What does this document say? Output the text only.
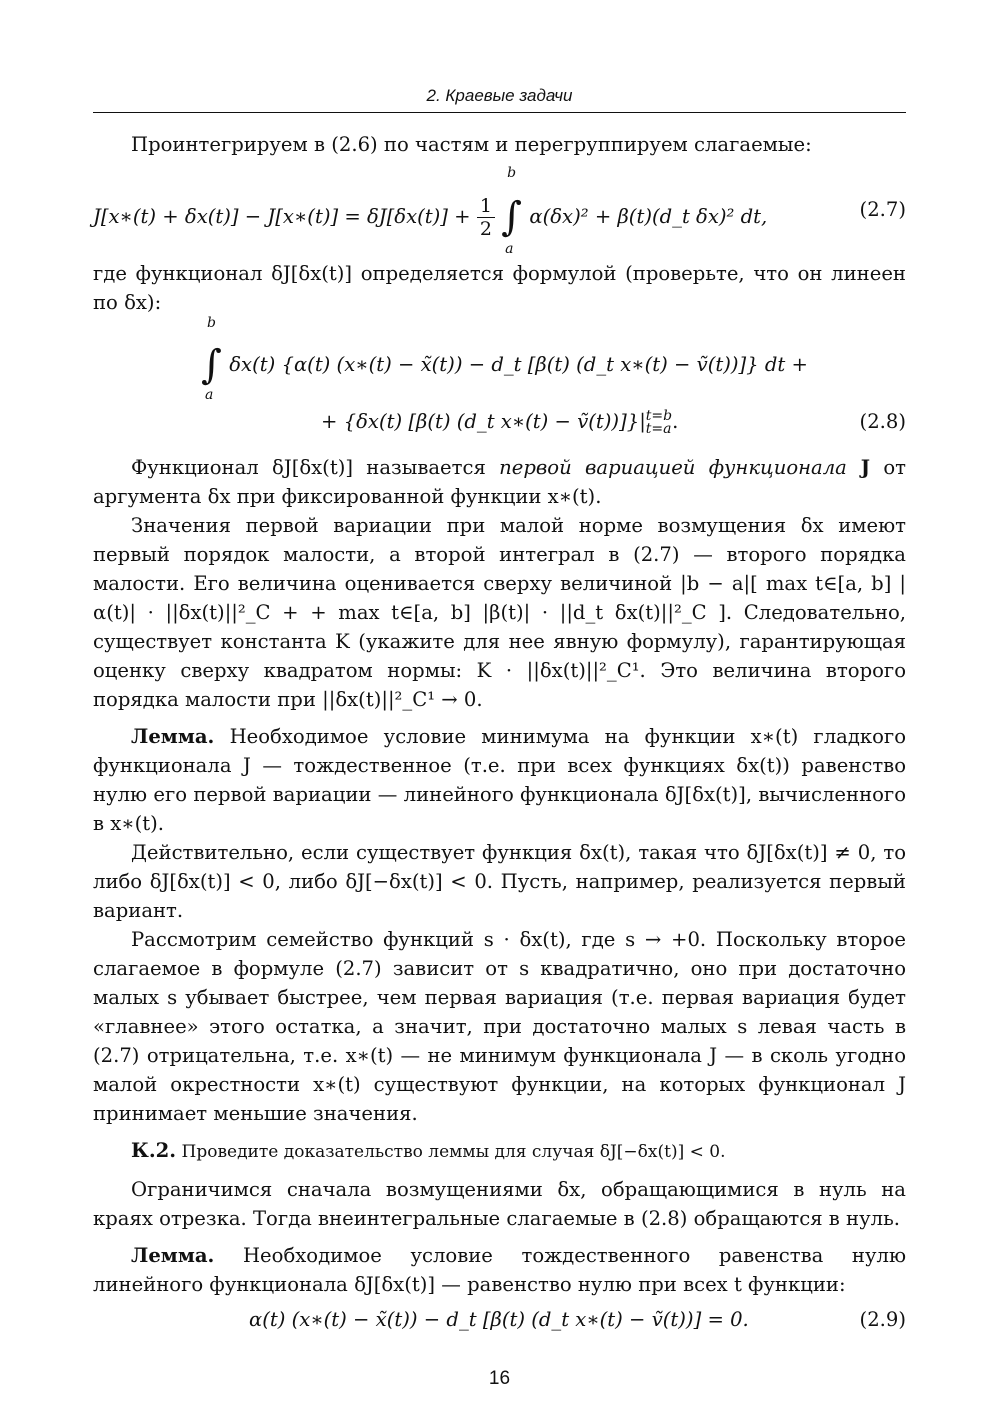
2. Краевые задачи

Проинтегрируем в (2.6) по частям и перегруппируем слагаемые:

J[x∗(t) + δx(t)] − J[x∗(t)] = $\delta J[\delta x(t)] + \frac{1}{2}$

b
∫
a
α(δx)² + β(t)(d_t δx)² dt,	(2.7)

где функционал δJ[δx(t)] определяется формулой (проверьте, что он линеен по δx):

b
∫
a
δx(t) {α(t) (x∗(t) − x̃(t)) − d_t [β(t) (d_t x∗(t) − ṽ(t))]} dt +
+ {δx(t) [β(t) (d_t x∗(t) − ṽ(t))]}| t=b
t=a .	(2.8)

Функционал δJ[δx(t)] называется первой вариацией функционала J от аргумента δx при фиксированной функции x∗(t).

Значения первой вариации при малой норме возмущения δx имеют первый порядок малости, а второй интеграл в (2.7) — второго порядка малости. Его величина оценивается сверху величиной |b − a|[ max t∈[a, b] |α(t)| · ||δx(t)||²_C + + max t∈[a, b] |β(t)| · ||d_t δx(t)||²_C ]. Следовательно, существует константа K (укажите для нее явную формулу), гарантирующая оценку сверху квадратом нормы: K · ||δx(t)||²_C¹. Это величина второго порядка малости при ||δx(t)||²_C¹ → 0.

Лемма. Необходимое условие минимума на функции x∗(t) гладкого функционала J — тождественное (т.е. при всех функциях δx(t)) равенство нулю его первой вариации — линейного функционала δJ[δx(t)], вычисленного в x∗(t).

Действительно, если существует функция δx(t), такая что δJ[δx(t)] ≠ 0, то либо δJ[δx(t)] < 0, либо δJ[−δx(t)] < 0. Пусть, например, реализуется первый вариант.

Рассмотрим семейство функций s · δx(t), где s → +0. Поскольку второе слагаемое в формуле (2.7) зависит от s квадратично, оно при достаточно малых s убывает быстрее, чем первая вариация (т.е. первая вариация будет «главнее» этого остатка, а значит, при достаточно малых s левая часть в (2.7) отрицательна, т.е. x∗(t) — не минимум функционала J — в сколь угодно малой окрестности x∗(t) существуют функции, на которых функционал J принимает меньшие значения.

К.2. Проведите доказательство леммы для случая δJ[−δx(t)] < 0.

Ограничимся сначала возмущениями δx, обращающимися в нуль на краях отрезка. Тогда внеинтегральные слагаемые в (2.8) обращаются в нуль.

Лемма. Необходимое условие тождественного равенства нулю линейного функционала δJ[δx(t)] — равенство нулю при всех t функции:

α(t) (x∗(t) − x̃(t)) − d_t [β(t) (d_t x∗(t) − ṽ(t))] = 0.	(2.9)
16
